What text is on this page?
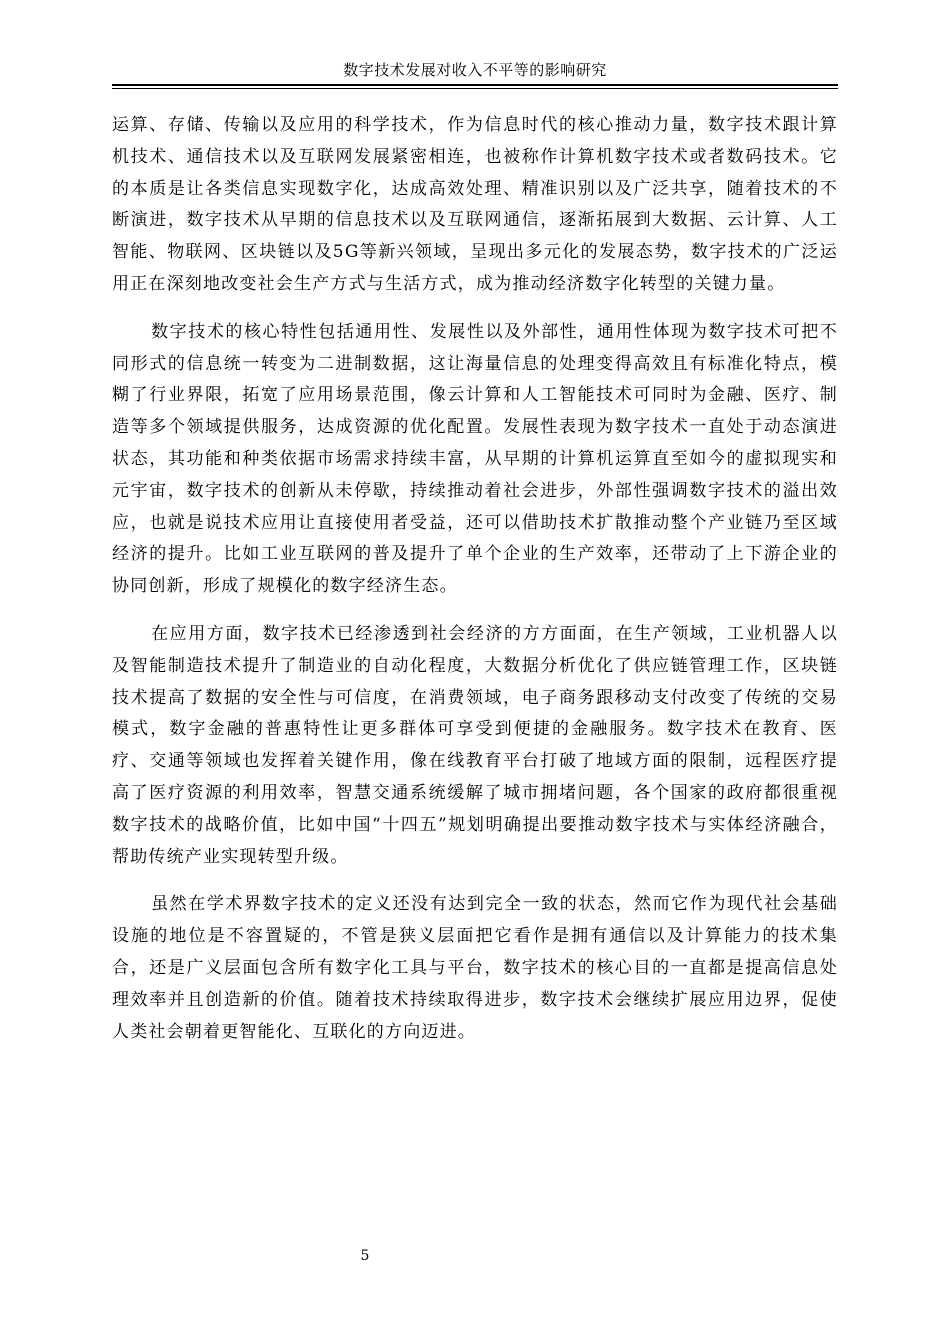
数字技术发展对收入不平等的影响研究

运算、存储、传输以及应用的科学技术，作为信息时代的核心推动力量，数字技术跟计算机技术、通信技术以及互联网发展紧密相连，也被称作计算机数字技术或者数码技术。它的本质是让各类信息实现数字化，达成高效处理、精准识别以及广泛共享，随着技术的不断演进，数字技术从早期的信息技术以及互联网通信，逐渐拓展到大数据、云计算、人工智能、物联网、区块链以及5G等新兴领域，呈现出多元化的发展态势，数字技术的广泛运用正在深刻地改变社会生产方式与生活方式，成为推动经济数字化转型的关键力量。

数字技术的核心特性包括通用性、发展性以及外部性，通用性体现为数字技术可把不同形式的信息统一转变为二进制数据，这让海量信息的处理变得高效且有标准化特点，模糊了行业界限，拓宽了应用场景范围，像云计算和人工智能技术可同时为金融、医疗、制造等多个领域提供服务，达成资源的优化配置。发展性表现为数字技术一直处于动态演进状态，其功能和种类依据市场需求持续丰富，从早期的计算机运算直至如今的虚拟现实和元宇宙，数字技术的创新从未停歇，持续推动着社会进步，外部性强调数字技术的溢出效应，也就是说技术应用让直接使用者受益，还可以借助技术扩散推动整个产业链乃至区域经济的提升。比如工业互联网的普及提升了单个企业的生产效率，还带动了上下游企业的协同创新，形成了规模化的数字经济生态。

在应用方面，数字技术已经渗透到社会经济的方方面面，在生产领域，工业机器人以及智能制造技术提升了制造业的自动化程度，大数据分析优化了供应链管理工作，区块链技术提高了数据的安全性与可信度，在消费领域，电子商务跟移动支付改变了传统的交易模式，数字金融的普惠特性让更多群体可享受到便捷的金融服务。数字技术在教育、医疗、交通等领域也发挥着关键作用，像在线教育平台打破了地域方面的限制，远程医疗提高了医疗资源的利用效率，智慧交通系统缓解了城市拥堵问题，各个国家的政府都很重视数字技术的战略价值，比如中国“十四五”规划明确提出要推动数字技术与实体经济融合，帮助传统产业实现转型升级。

虽然在学术界数字技术的定义还没有达到完全一致的状态，然而它作为现代社会基础设施的地位是不容置疑的，不管是狭义层面把它看作是拥有通信以及计算能力的技术集合，还是广义层面包含所有数字化工具与平台，数字技术的核心目的一直都是提高信息处理效率并且创造新的价值。随着技术持续取得进步，数字技术会继续扩展应用边界，促使人类社会朝着更智能化、互联化的方向迈进。

5
